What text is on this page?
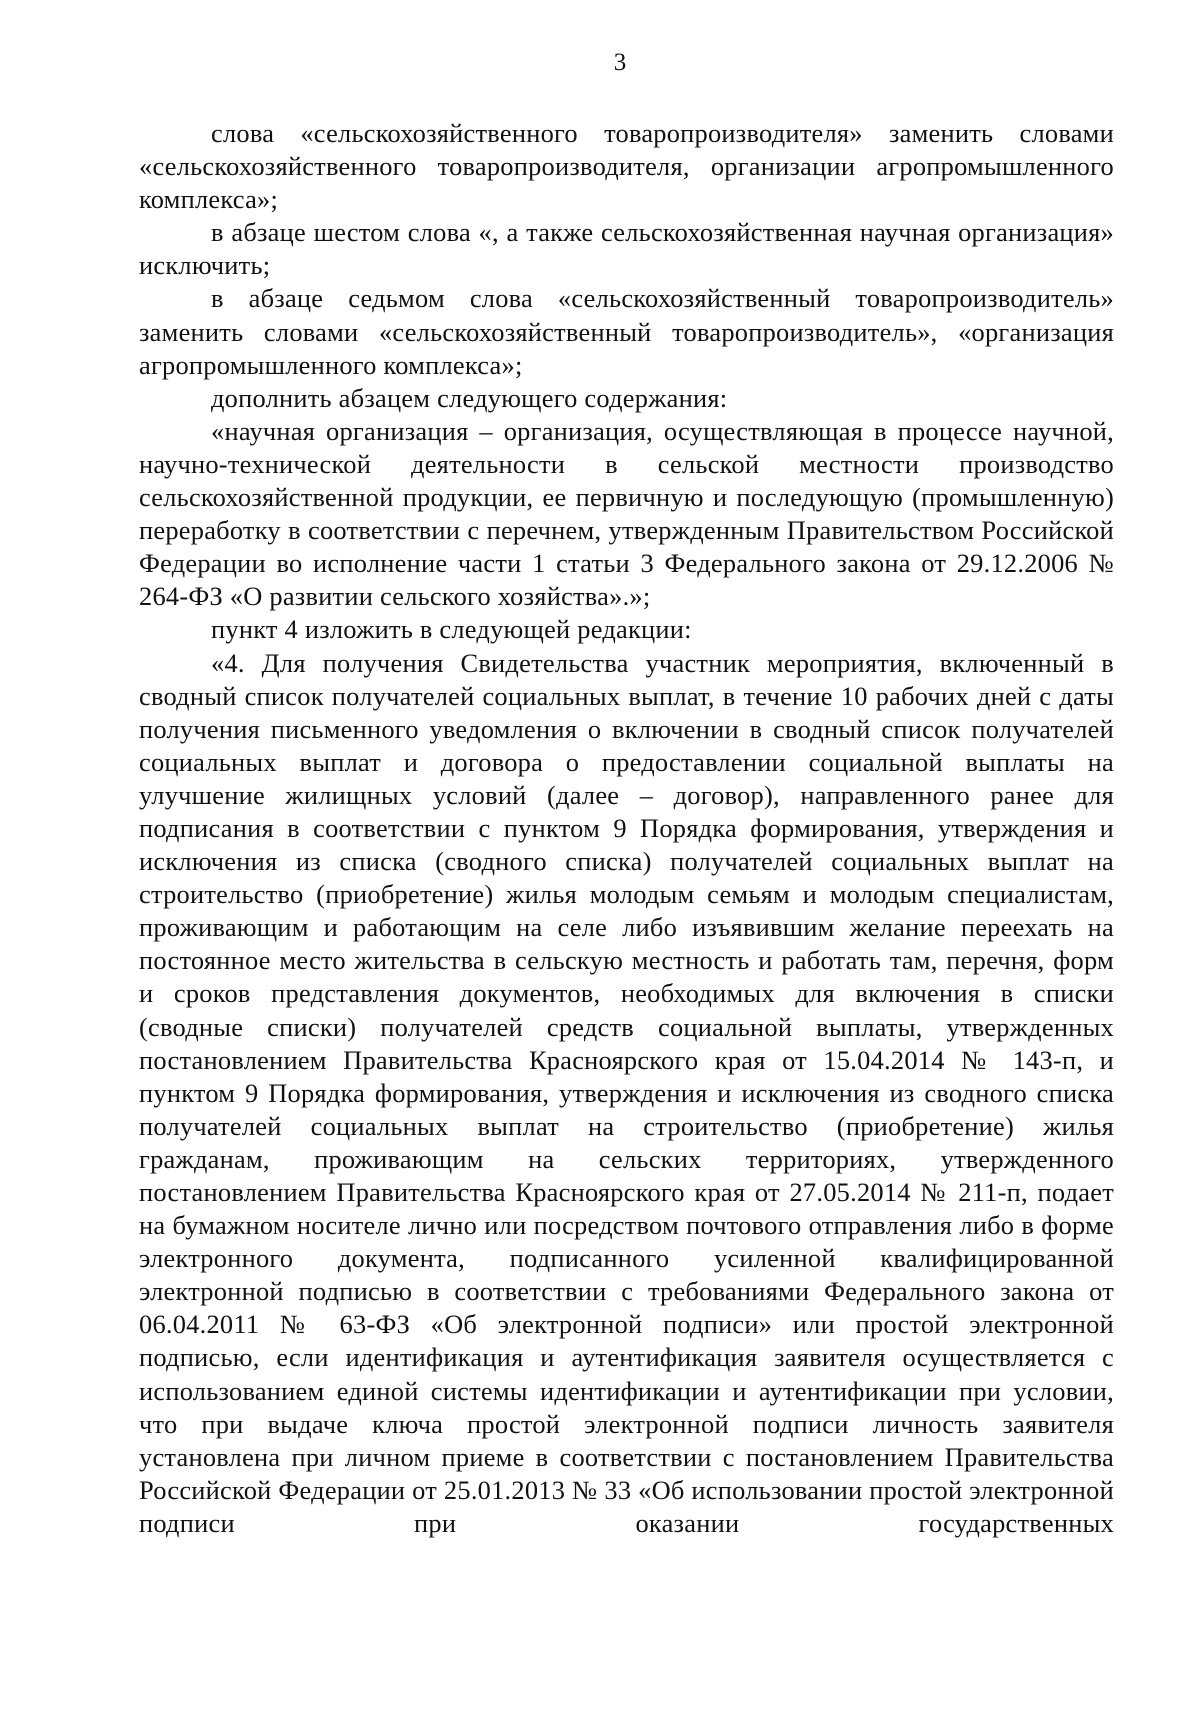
3

слова «сельскохозяйственного товаропроизводителя» заменить словами «сельскохозяйственного товаропроизводителя, организации агропромышленного комплекса»;

в абзаце шестом слова «, а также сельскохозяйственная научная организация» исключить;

в абзаце седьмом слова «сельскохозяйственный товаропроизводитель» заменить словами «сельскохозяйственный товаропроизводитель», «организация агропромышленного комплекса»;

дополнить абзацем следующего содержания:

«научная организация – организация, осуществляющая в процессе научной, научно-технической деятельности в сельской местности производство сельскохозяйственной продукции, ее первичную и последующую (промышленную) переработку в соответствии с перечнем, утвержденным Правительством Российской Федерации во исполнение части 1 статьи 3 Федерального закона от 29.12.2006 № 264-ФЗ «О развитии сельского хозяйства».»;

пункт 4 изложить в следующей редакции:

«4. Для получения Свидетельства участник мероприятия, включенный в сводный список получателей социальных выплат, в течение 10 рабочих дней с даты получения письменного уведомления о включении в сводный список получателей социальных выплат и договора о предоставлении социальной выплаты на улучшение жилищных условий (далее – договор), направленного ранее для подписания в соответствии с пунктом 9 Порядка формирования, утверждения и исключения из списка (сводного списка) получателей социальных выплат на строительство (приобретение) жилья молодым семьям и молодым специалистам, проживающим и работающим на селе либо изъявившим желание переехать на постоянное место жительства в сельскую местность и работать там, перечня, форм и сроков представления документов, необходимых для включения в списки (сводные списки) получателей средств социальной выплаты, утвержденных постановлением Правительства Красноярского края от 15.04.2014 № 143-п, и пунктом 9 Порядка формирования, утверждения и исключения из сводного списка получателей социальных выплат на строительство (приобретение) жилья гражданам, проживающим на сельских территориях, утвержденного постановлением Правительства Красноярского края от 27.05.2014 № 211-п, подает на бумажном носителе лично или посредством почтового отправления либо в форме электронного документа, подписанного усиленной квалифицированной электронной подписью в соответствии с требованиями Федерального закона от 06.04.2011 № 63-ФЗ «Об электронной подписи» или простой электронной подписью, если идентификация и аутентификация заявителя осуществляется с использованием единой системы идентификации и аутентификации при условии, что при выдаче ключа простой электронной подписи личность заявителя установлена при личном приеме в соответствии с постановлением Правительства Российской Федерации от 25.01.2013 № 33 «Об использовании простой электронной подписи при оказании государственных
